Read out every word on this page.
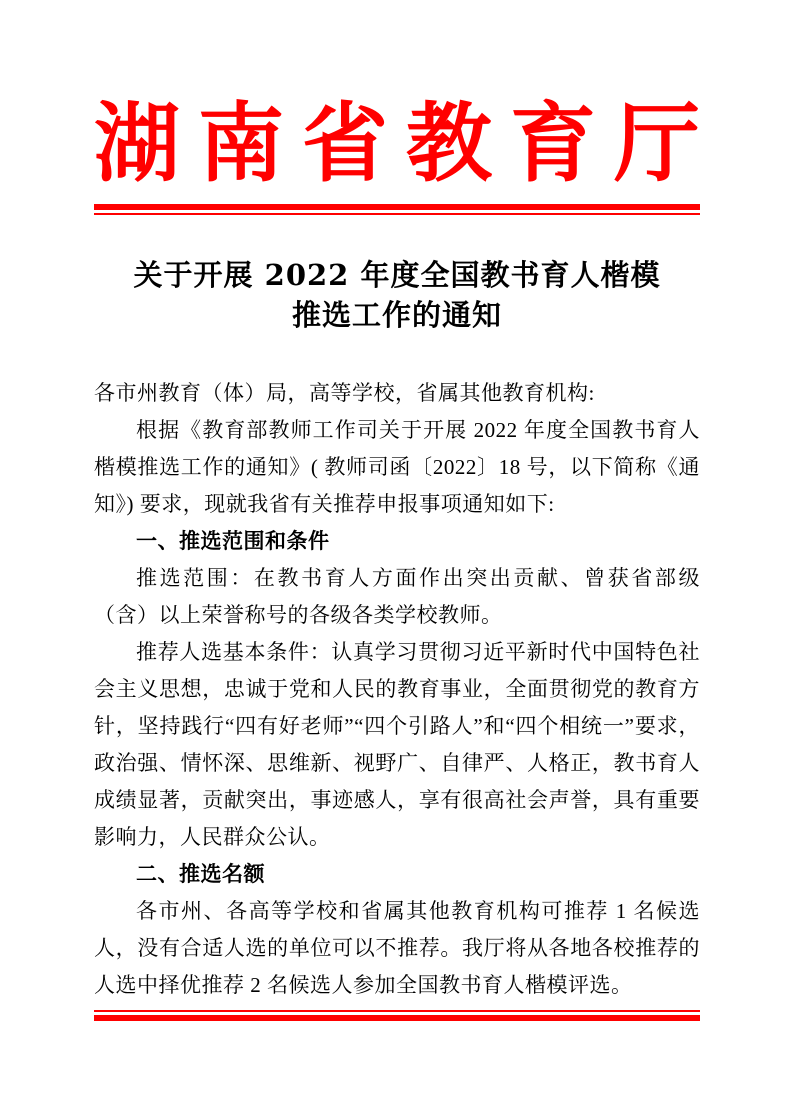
湖 南 省 教 育 厅
关于开展 2022 年度全国教书育人楷模
推选工作的通知

各市州教育（体）局，高等学校，省属其他教育机构:

根据《教育部教师工作司关于开展 2022 年度全国教书育人楷模推选工作的通知》( 教师司函〔2022〕18 号，以下简称《通知》) 要求，现就我省有关推荐申报事项通知如下:

一、推选范围和条件

推选范围：在教书育人方面作出突出贡献、曾获省部级（含）以上荣誉称号的各级各类学校教师。

推荐人选基本条件：认真学习贯彻习近平新时代中国特色社会主义思想，忠诚于党和人民的教育事业，全面贯彻党的教育方针，坚持践行“四有好老师”“四个引路人”和“四个相统一”要求，政治强、情怀深、思维新、视野广、自律严、人格正，教书育人成绩显著，贡献突出，事迹感人，享有很高社会声誉，具有重要影响力，人民群众公认。

二、推选名额

各市州、各高等学校和省属其他教育机构可推荐 1 名候选人，没有合适人选的单位可以不推荐。我厅将从各地各校推荐的人选中择优推荐 2 名候选人参加全国教书育人楷模评选。
